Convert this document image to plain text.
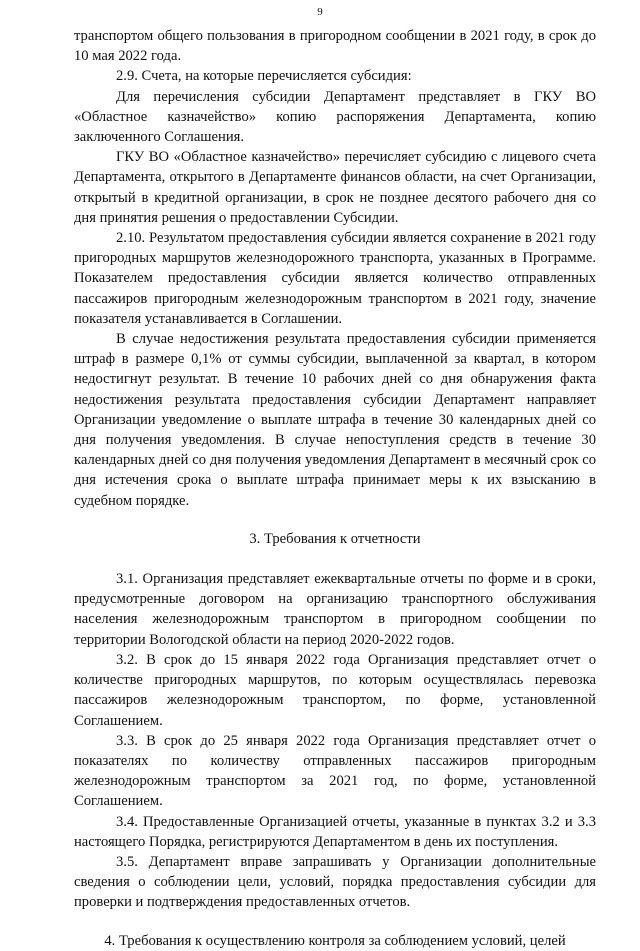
9

транспортом общего пользования в пригородном сообщении в 2021 году, в срок до 10 мая 2022 года.

2.9. Счета, на которые перечисляется субсидия:

Для перечисления субсидии Департамент представляет в ГКУ ВО «Областное казначейство» копию распоряжения Департамента, копию заключенного Соглашения.

ГКУ ВО «Областное казначейство» перечисляет субсидию с лицевого счета Департамента, открытого в Департаменте финансов области, на счет Организации, открытый в кредитной организации, в срок не позднее десятого рабочего дня со дня принятия решения о предоставлении Субсидии.

2.10. Результатом предоставления субсидии является сохранение в 2021 году пригородных маршрутов железнодорожного транспорта, указанных в Программе. Показателем предоставления субсидии является количество отправленных пассажиров пригородным железнодорожным транспортом в 2021 году, значение показателя устанавливается в Соглашении.

В случае недостижения результата предоставления субсидии применяется штраф в размере 0,1% от суммы субсидии, выплаченной за квартал, в котором недостигнут результат. В течение 10 рабочих дней со дня обнаружения факта недостижения результата предоставления субсидии Департамент направляет Организации уведомление о выплате штрафа в течение 30 календарных дней со дня получения уведомления. В случае непоступления средств в течение 30 календарных дней со дня получения уведомления Департамент в месячный срок со дня истечения срока о выплате штрафа принимает меры к их взысканию в судебном порядке.

3. Требования к отчетности

3.1. Организация представляет ежеквартальные отчеты по форме и в сроки, предусмотренные договором на организацию транспортного обслуживания населения железнодорожным транспортом в пригородном сообщении по территории Вологодской области на период 2020-2022 годов.

3.2. В срок до 15 января 2022 года Организация представляет отчет о количестве пригородных маршрутов, по которым осуществлялась перевозка пассажиров железнодорожным транспортом, по форме, установленной Соглашением.

3.3. В срок до 25 января 2022 года Организация представляет отчет о показателях по количеству отправленных пассажиров пригородным железнодорожным транспортом за 2021 год, по форме, установленной Соглашением.

3.4. Предоставленные Организацией отчеты, указанные в пунктах 3.2 и 3.3 настоящего Порядка, регистрируются Департаментом в день их поступления.

3.5. Департамент вправе запрашивать у Организации дополнительные сведения о соблюдении цели, условий, порядка предоставления субсидии для проверки и подтверждения предоставленных отчетов.

4. Требования к осуществлению контроля за соблюдением условий, целей
